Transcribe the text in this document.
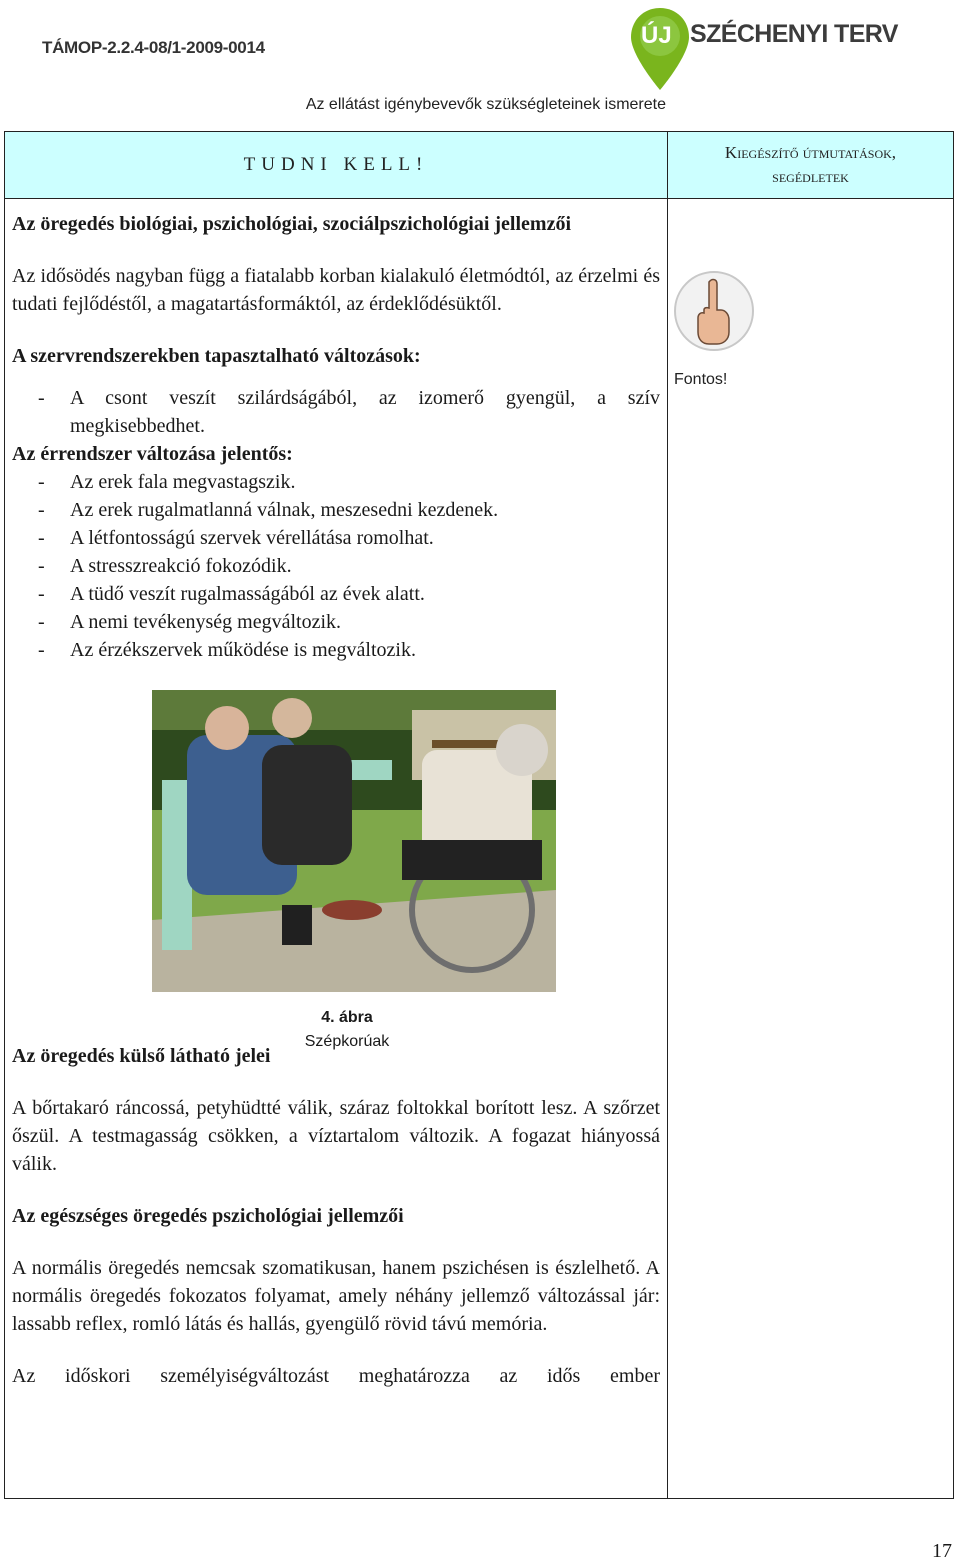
TÁMOP-2.2.4-08/1-2009-0014	ÚJ SZÉCHENYI TERV
Az ellátást igénybevevők szükségleteinek ismerete
TUDNI KELL!
Kiegészítő útmutatások,
segédletek

Az öregedés biológiai, pszichológiai, szociálpszichológiai jellemzői

Az idősödés nagyban függ a fiatalabb korban kialakuló életmódtól, az érzelmi és tudati fejlődéstől, a magatartásformáktól, az érdeklődésüktől.

A szervrendszerekben tapasztalható változások:

- A csont veszít szilárdságából, az izomerő gyengül, a szív megkisebbedhet.

Az érrendszer változása jelentős:

- Az erek fala megvastagszik.
- Az erek rugalmatlanná válnak, meszesedni kezdenek.
- A létfontosságú szervek vérellátása romolhat.
- A stresszreakció fokozódik.
- A tüdő veszít rugalmasságából az évek alatt.
- A nemi tevékenység megváltozik.
- Az érzékszervek működése is megváltozik.
4. ábra
Szépkorúak

Az öregedés külső látható jelei

A bőrtakaró ráncossá, petyhüdtté válik, száraz foltokkal borított lesz. A szőrzet őszül. A testmagasság csökken, a víztartalom változik. A fogazat hiányossá válik.

Az egészséges öregedés pszichológiai jellemzői

A normális öregedés nemcsak szomatikusan, hanem pszichésen is észlelhető. A normális öregedés fokozatos folyamat, amely néhány jellemző változással jár: lassabb reflex, romló látás és hallás, gyengülő rövid távú memória.

Az időskori személyiségváltozást meghatározza az idős ember

Fontos!
17
